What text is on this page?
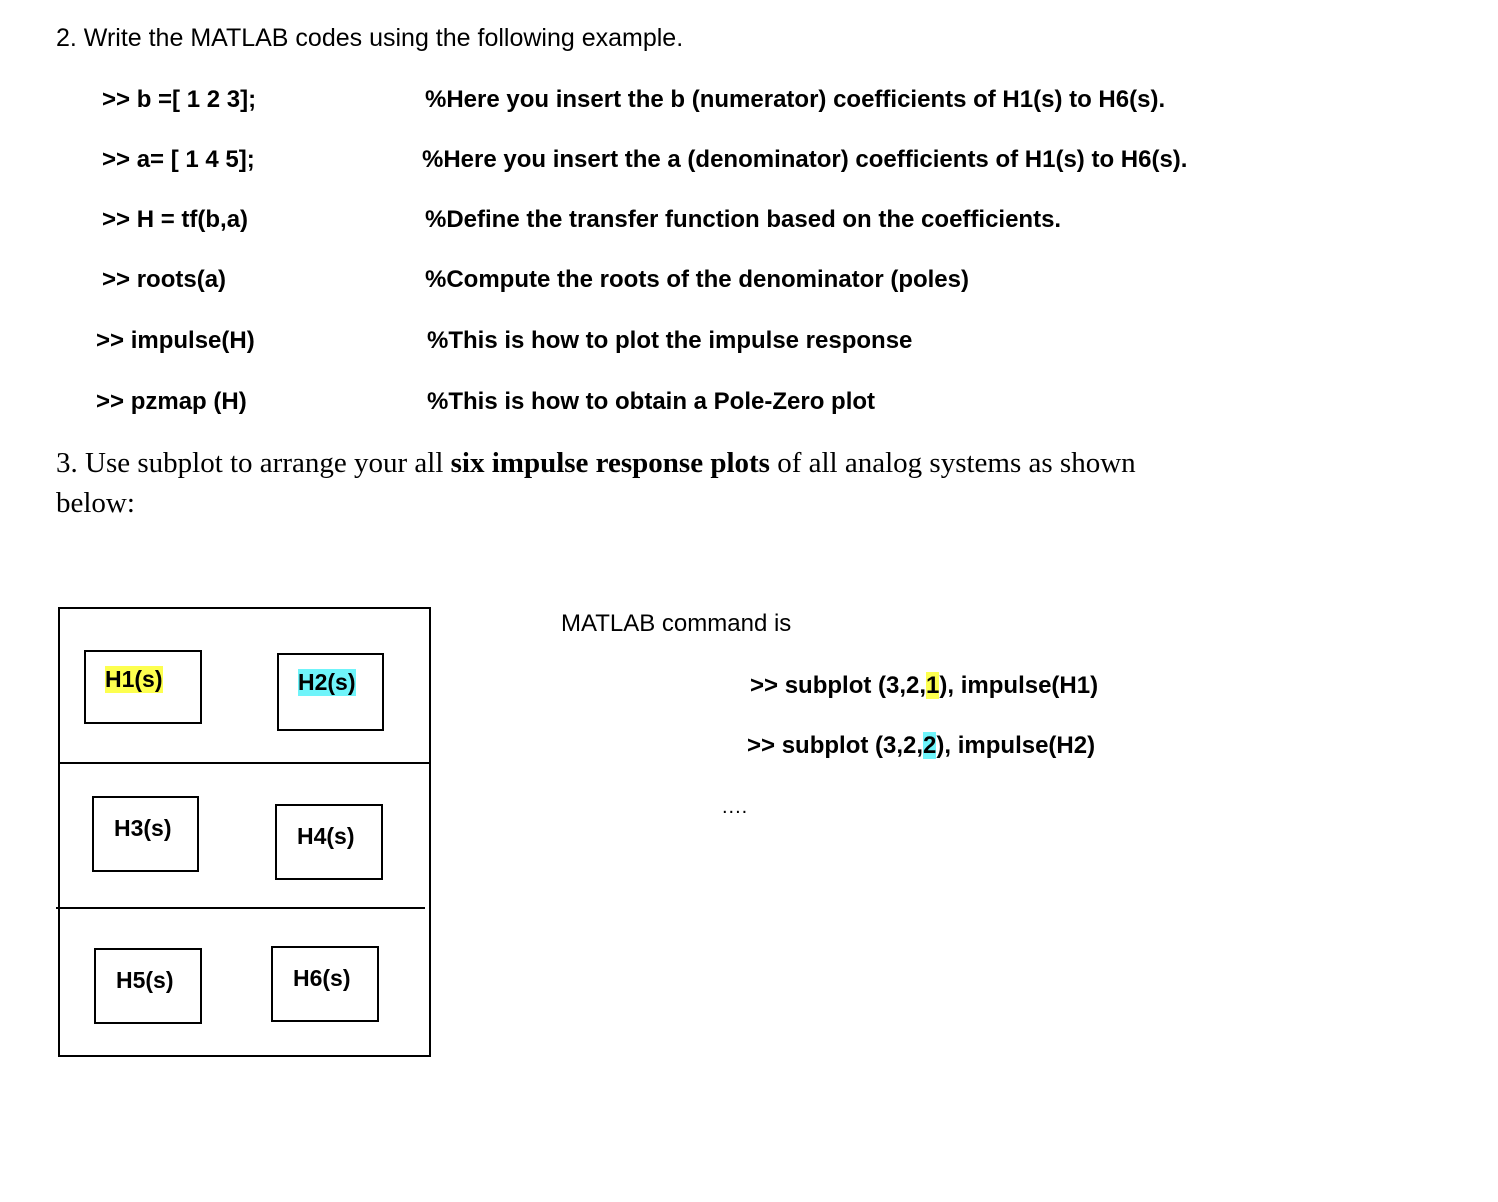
2. Write the MATLAB codes using the following example.
>> b =[ 1 2 3];	%Here you insert the b (numerator) coefficients of H1(s) to H6(s).
>> a= [ 1 4 5];	%Here you insert the a (denominator) coefficients of H1(s) to H6(s).
>> H = tf(b,a)	%Define the transfer function based on the coefficients.
>> roots(a)	%Compute the roots of the denominator (poles)
>> impulse(H)	%This is how to plot the impulse response
>> pzmap (H)	%This is how to obtain a Pole-Zero plot
3. Use subplot to arrange your all six impulse response plots of all analog systems as shown
below:
H1(s)	H2(s)
H3(s)	H4(s)
H5(s)	H6(s)
MATLAB command is
>> subplot (3,2,1), impulse(H1)
>> subplot (3,2,2), impulse(H2)
....
